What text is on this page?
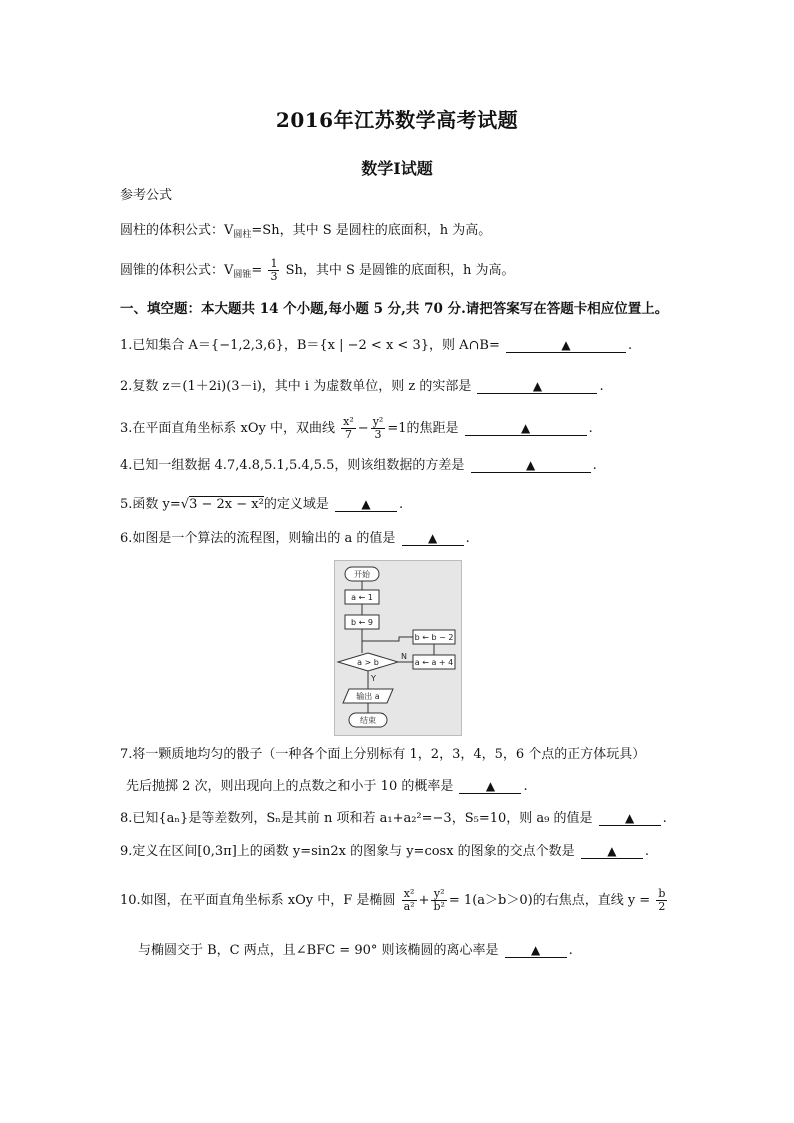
2016年江苏数学高考试题
数学Ⅰ试题
参考公式
圆柱的体积公式：$V_{圆柱}=Sh$，其中 S 是圆柱的底面积，h 为高。
圆锥的体积公式：$V_{圆锥}= \frac{1}{3}$ Sh，其中 S 是圆锥的底面积，h 为高。
一、填空题：本大题共 14 个小题,每小题 5 分,共 70 分.请把答案写在答题卡相应位置上。
1.已知集合 A＝{−1,2,3,6}，B＝{x | −2 < x < 3}，则 A∩B=	▲	.
2.复数 z＝(1＋2i)(3－i)，其中 i 为虚数单位，则 z 的实部是	▲	.
3.在平面直角坐标系 xOy 中，双曲线 $\frac{\text{x²}}{7} - \frac{\text{y²}}{3} =1$的焦距是	▲	.
4.已知一组数据 4.7,4.8,5.1,5.4,5.5，则该组数据的方差是	▲	.
5.函数 y=√3 − 2x − x²的定义域是	▲ .
6.如图是一个算法的流程图，则输出的 a 的值是	▲ .
开始
a ← 1
b ← 9
b ← b − 2
a > b
N
a ← a + 4
Y
输出 a
结束
7.将一颗质地均匀的骰子（一种各个面上分别标有 1，2，3，4，5，6 个点的正方体玩具）
先后抛掷 2 次，则出现向上的点数之和小于 10 的概率是	▲ .
8.已知{aₙ}是等差数列，Sₙ是其前 n 项和若 a₁+a₂²=−3，S₅=10，则 a₉ 的值是	▲ .
9.定义在区间[0,3π]上的函数 y=sin2x 的图象与 y=cosx 的图象的交点个数是	▲ .
10.如图，在平面直角坐标系 xOy 中，F 是椭圆 $\frac{\text{x²}}{\text{a²}} + \frac{\text{y²}}{\text{b²}} = 1(a>b>0)$的右焦点，直线 $y = \frac{b}{2}$
与椭圆交于 B，C 两点，且∠BFC = 90° 则该椭圆的离心率是	▲ .
